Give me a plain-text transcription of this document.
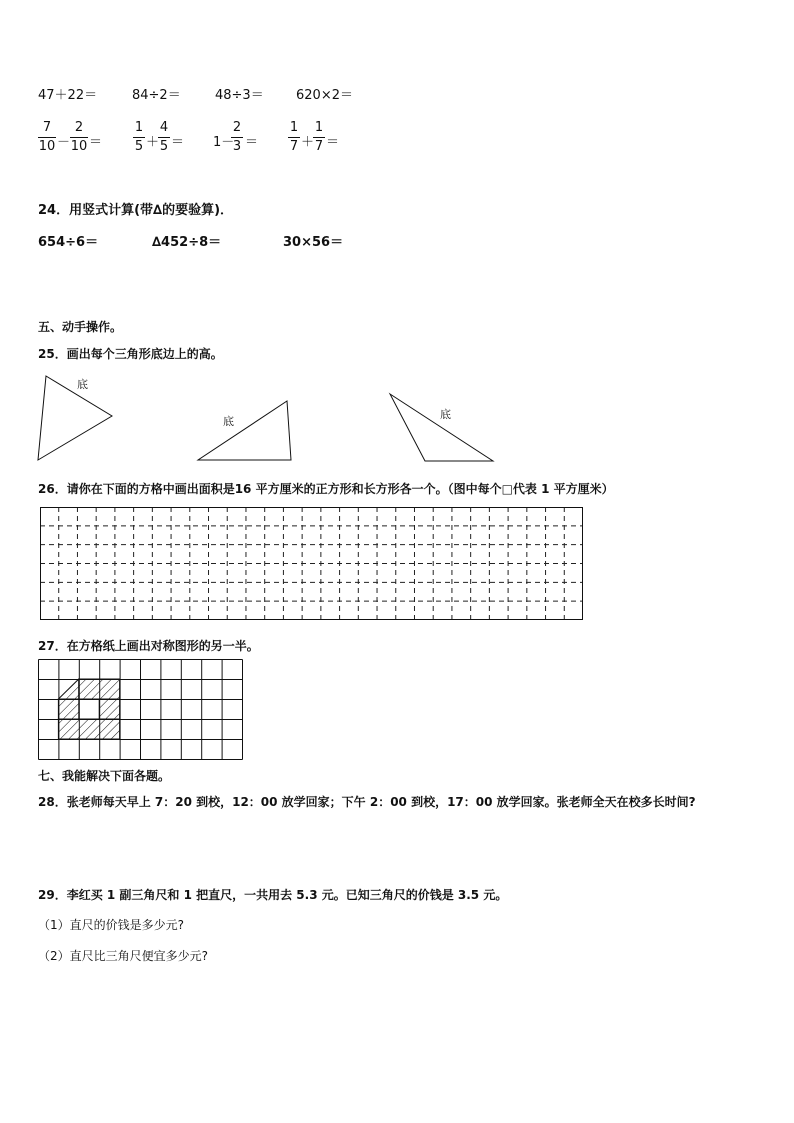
47＋22＝	84÷2＝	48÷3＝ 620×2＝
7
10 －
2
10 ＝
1
5 ＋
4
5 ＝ 1－
2
3 ＝
1
7 ＋
1
7 ＝
24．用竖式计算(带∆的要验算)．
654÷6＝	∆452÷8＝	30×56＝
五、动手操作。
25．画出每个三角形底边上的高。
底
底
底
26．请你在下面的方格中画出面积是16 平方厘米的正方形和长方形各一个。（图中每个□代表 1 平方厘米）
27．在方格纸上画出对称图形的另一半。
七、我能解决下面各题。
28．张老师每天早上 7：20 到校，12：00 放学回家；下午 2：00 到校，17：00 放学回家。张老师全天在校多长时间?
29．李红买 1 副三角尺和 1 把直尺，一共用去 5.3 元。已知三角尺的价钱是 3.5 元。
（1）直尺的价钱是多少元?
（2）直尺比三角尺便宜多少元?
